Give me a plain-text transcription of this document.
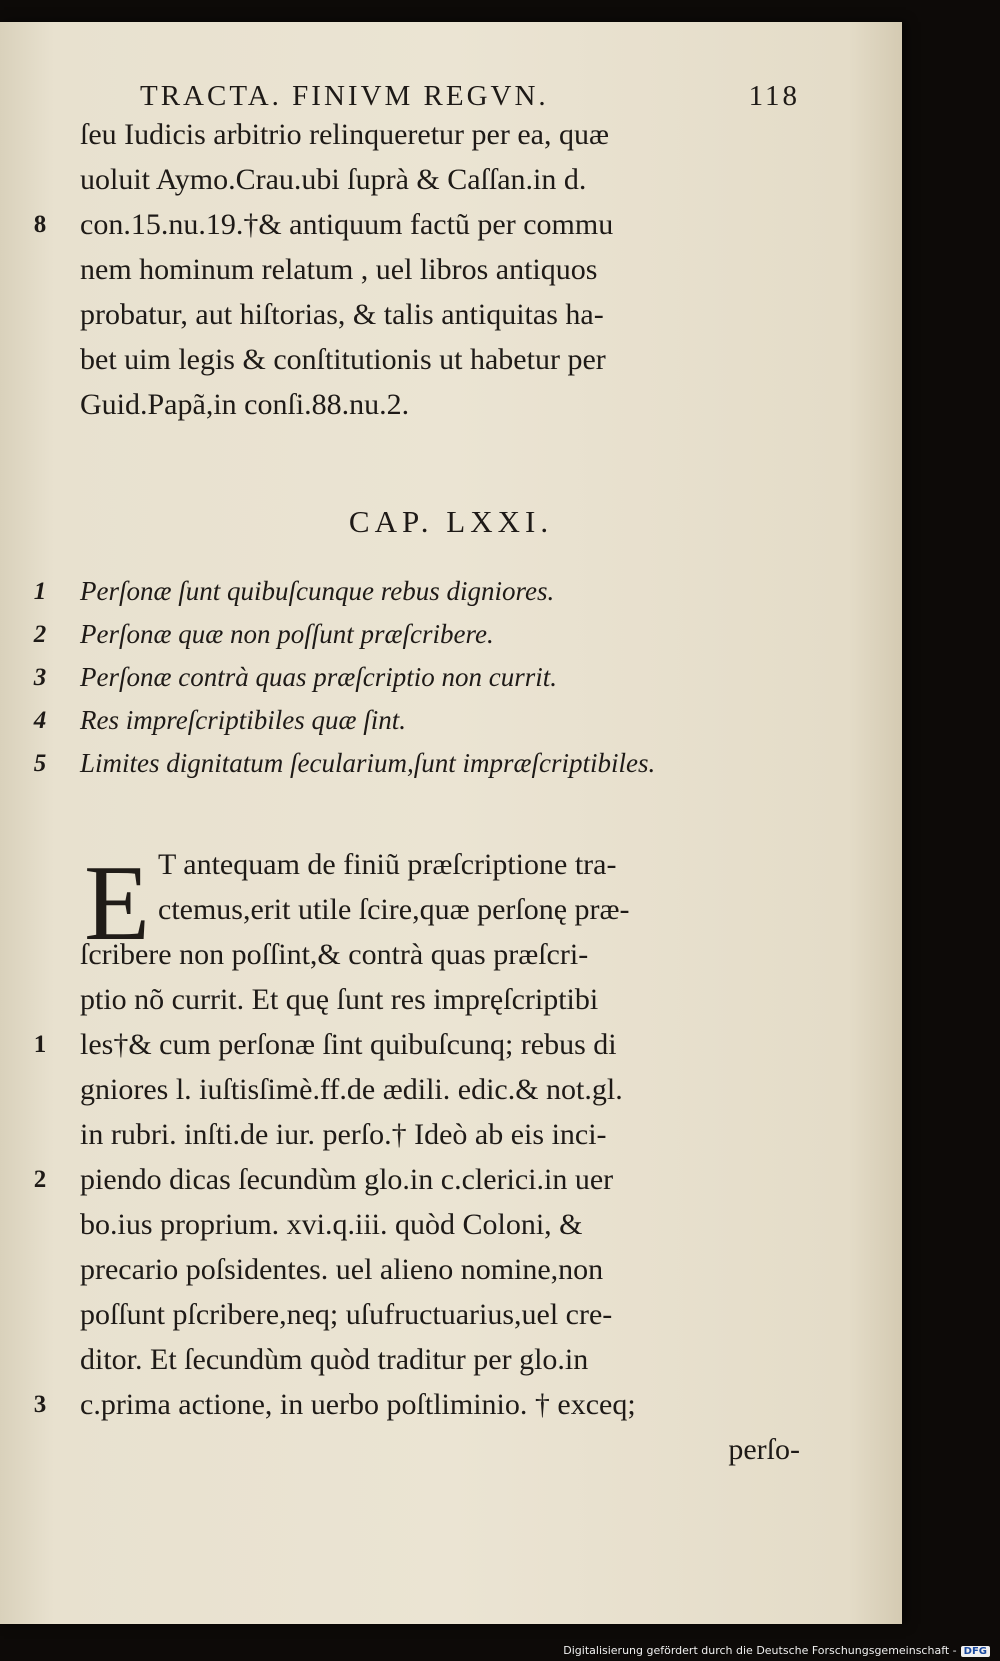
TRACTA. FINIVM REGVN.	118
ſeu Iudicis arbitrio relinqueretur per ea, quæ
uoluit Aymo.Crau.ubi ſuprà & Caſſan.in d.
8 con.15.nu.19.†& antiquum factũ per commu
nem hominum relatum , uel libros antiquos
probatur, aut hiſtorias, & talis antiquitas ha-
bet uim legis & conſtitutionis ut habetur per
Guid.Papã,in conſi.88.nu.2.
CAP. LXXI.
1 Perſonæ ſunt quibuſcunque rebus digniores.
2 Perſonæ quæ non poſſunt præſcribere.
3 Perſonæ contrà quas præſcriptio non currit.
4 Res impreſcriptibiles quæ ſint.
5 Limites dignitatum ſecularium,ſunt impræſcriptibiles.
E T antequam de finiũ præſcriptione tra-
ctemus,erit utile ſcire,quæ perſonę præ-
ſcribere non poſſint,& contrà quas præſcri-
ptio nõ currit. Et quę ſunt res impręſcriptibi
1 les†& cum perſonæ ſint quibuſcunq; rebus di
gniores l. iuſtisſimè.ff.de ædili. edic.& not.gl.
in rubri. inſti.de iur. perſo.† Ideò ab eis inci-
2 piendo dicas ſecundùm glo.in c.clerici.in uer
bo.ius proprium. xvi.q.iii. quòd Coloni, &
precario poſsidentes. uel alieno nomine,non
poſſunt pſcribere,neq; uſufructuarius,uel cre-
ditor. Et ſecundùm quòd traditur per glo.in
3 c.prima actione, in uerbo poſtliminio. † exceq;
perſo-
Digitalisierung gefördert durch die Deutsche Forschungsgemeinschaft - DFG
